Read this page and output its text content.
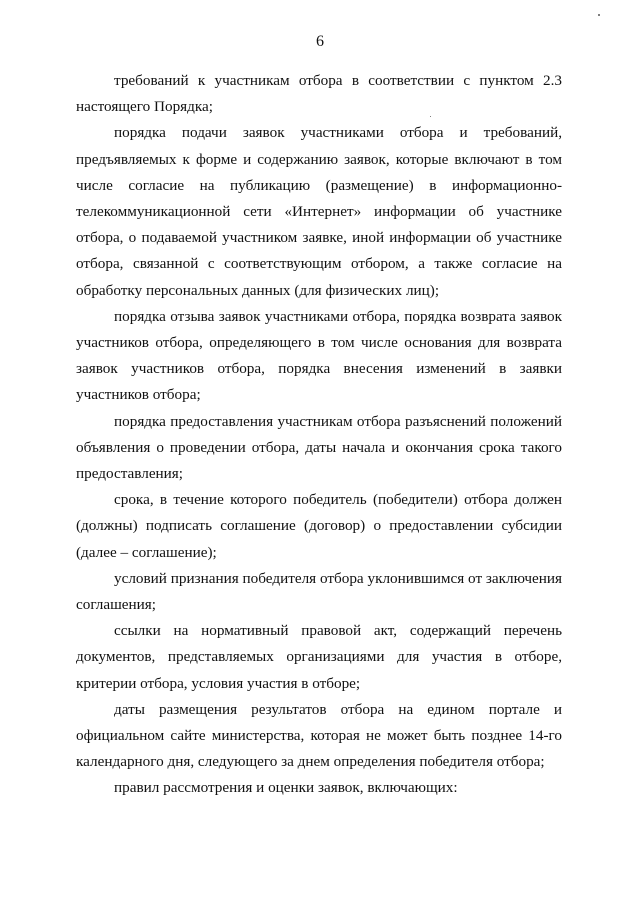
6

требований к участникам отбора в соответствии с пунктом 2.3 настоящего Порядка;

порядка подачи заявок участниками отбора и требований, предъявляемых к форме и содержанию заявок, которые включают в том числе согласие на публикацию (размещение) в информационно-телекоммуникационной сети «Интернет» информации об участнике отбора, о подаваемой участником заявке, иной информации об участнике отбора, связанной с соответствующим отбором, а также согласие на обработку персональных данных (для физических лиц);

порядка отзыва заявок участниками отбора, порядка возврата заявок участников отбора, определяющего в том числе основания для возврата заявок участников отбора, порядка внесения изменений в заявки участников отбора;

порядка предоставления участникам отбора разъяснений положений объявления о проведении отбора, даты начала и окончания срока такого предоставления;

срока, в течение которого победитель (победители) отбора должен (должны) подписать соглашение (договор) о предоставлении субсидии (далее – соглашение);

условий признания победителя отбора уклонившимся от заключения соглашения;

ссылки на нормативный правовой акт, содержащий перечень документов, представляемых организациями для участия в отборе, критерии отбора, условия участия в отборе;

даты размещения результатов отбора на едином портале и официальном сайте министерства, которая не может быть позднее 14-го календарного дня, следующего за днем определения победителя отбора;

правил рассмотрения и оценки заявок, включающих:
